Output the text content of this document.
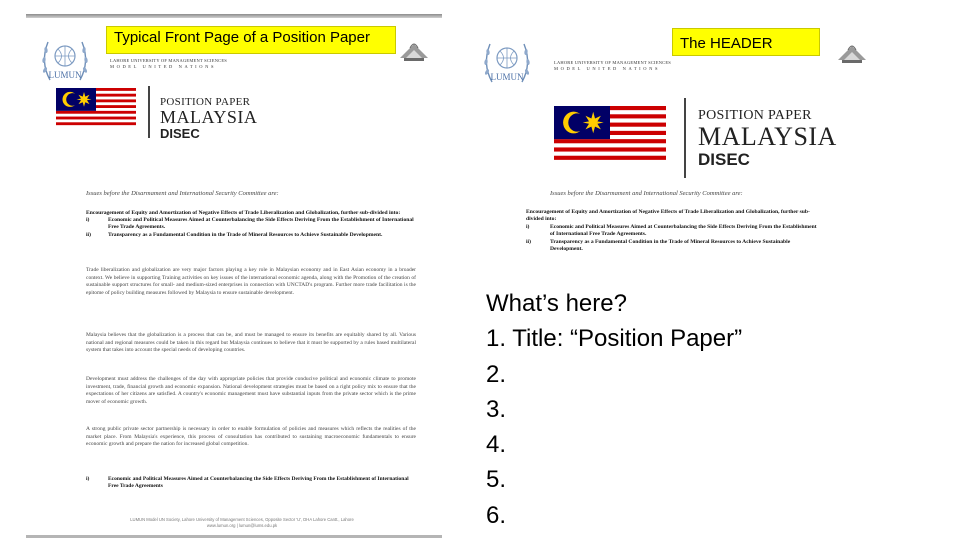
LUMUN
LAHORE UNIVERSITY OF MANAGEMENT SCIENCES
MODEL UNITED NATIONS
POSITION PAPER
MALAYSIA
DISEC
Issues before the Disarmament and International Security Committee are:
Encouragement of Equity and Amortization of Negative Effects of Trade Liberalization and Globalization, further sub-divided into:
i)	Economic and Political Measures Aimed at Counterbalancing the Side Effects Deriving From the Establishment of International Free Trade Agreements.
ii)	Transparency as a Fundamental Condition in the Trade of Mineral Resources to Achieve Sustainable Development.
Trade liberalization and globalization are very major factors playing a key role in Malaysian economy and in East Asian economy in a broader context. We believe in supporting Training activities on key issues of the international economic agenda, along with the Promotion of the creation of sustainable support structures for small- and medium-sized enterprises in connection with UNCTAD's program. Further more trade facilitation is the epitome of policy building measures followed by Malaysia to ensure sustainable development.
Malaysia believes that the globalization is a process that can be, and must be managed to ensure its benefits are equitably shared by all. Various national and regional measures could be taken in this regard but Malaysia continues to believe that it must be supported by a rules based multilateral system that takes into account the special needs of developing countries.
Development must address the challenges of the day with appropriate policies that provide conducive political and economic climate to promote investment, trade, financial growth and economic expansion. National development strategies must be based on a right policy mix to ensure that the expectations of her citizens are satisfied. A country's economic management must have substantial inputs from the private sector which is the prime mover of economic growth.
A strong public private sector partnership is necessary in order to enable formulation of policies and measures which reflects the realities of the market place. From Malaysia's experience, this process of consultation has contributed to sustaining macroeconomic fundamentals to ensure economic growth and prepare the nation for increased global competition.
i)	Economic and Political Measures Aimed at Counterbalancing the Side Effects Deriving From the Establishment of International Free Trade Agreements
LUMUN Model UN Society, Lahore University of Management Sciences, Opposite Sector 'U', DHA Lahore Cantt., Lahore
www.lumun.org | lumun@lums.edu.pk
LUMUN
LAHORE UNIVERSITY OF MANAGEMENT SCIENCES
MODEL UNITED NATIONS
POSITION PAPER
MALAYSIA
DISEC
Issues before the Disarmament and International Security Committee are:
Encouragement of Equity and Amortization of Negative Effects of Trade Liberalization and Globalization, further sub-divided into:
i)	Economic and Political Measures Aimed at Counterbalancing the Side Effects Deriving From the Establishment of International Free Trade Agreements.
ii)	Transparency as a Fundamental Condition in the Trade of Mineral Resources to Achieve Sustainable Development.
Typical Front Page of a Position Paper	The HEADER
What’s here?
1. Title: “Position Paper”
2.
3.
4.
5.
6.
